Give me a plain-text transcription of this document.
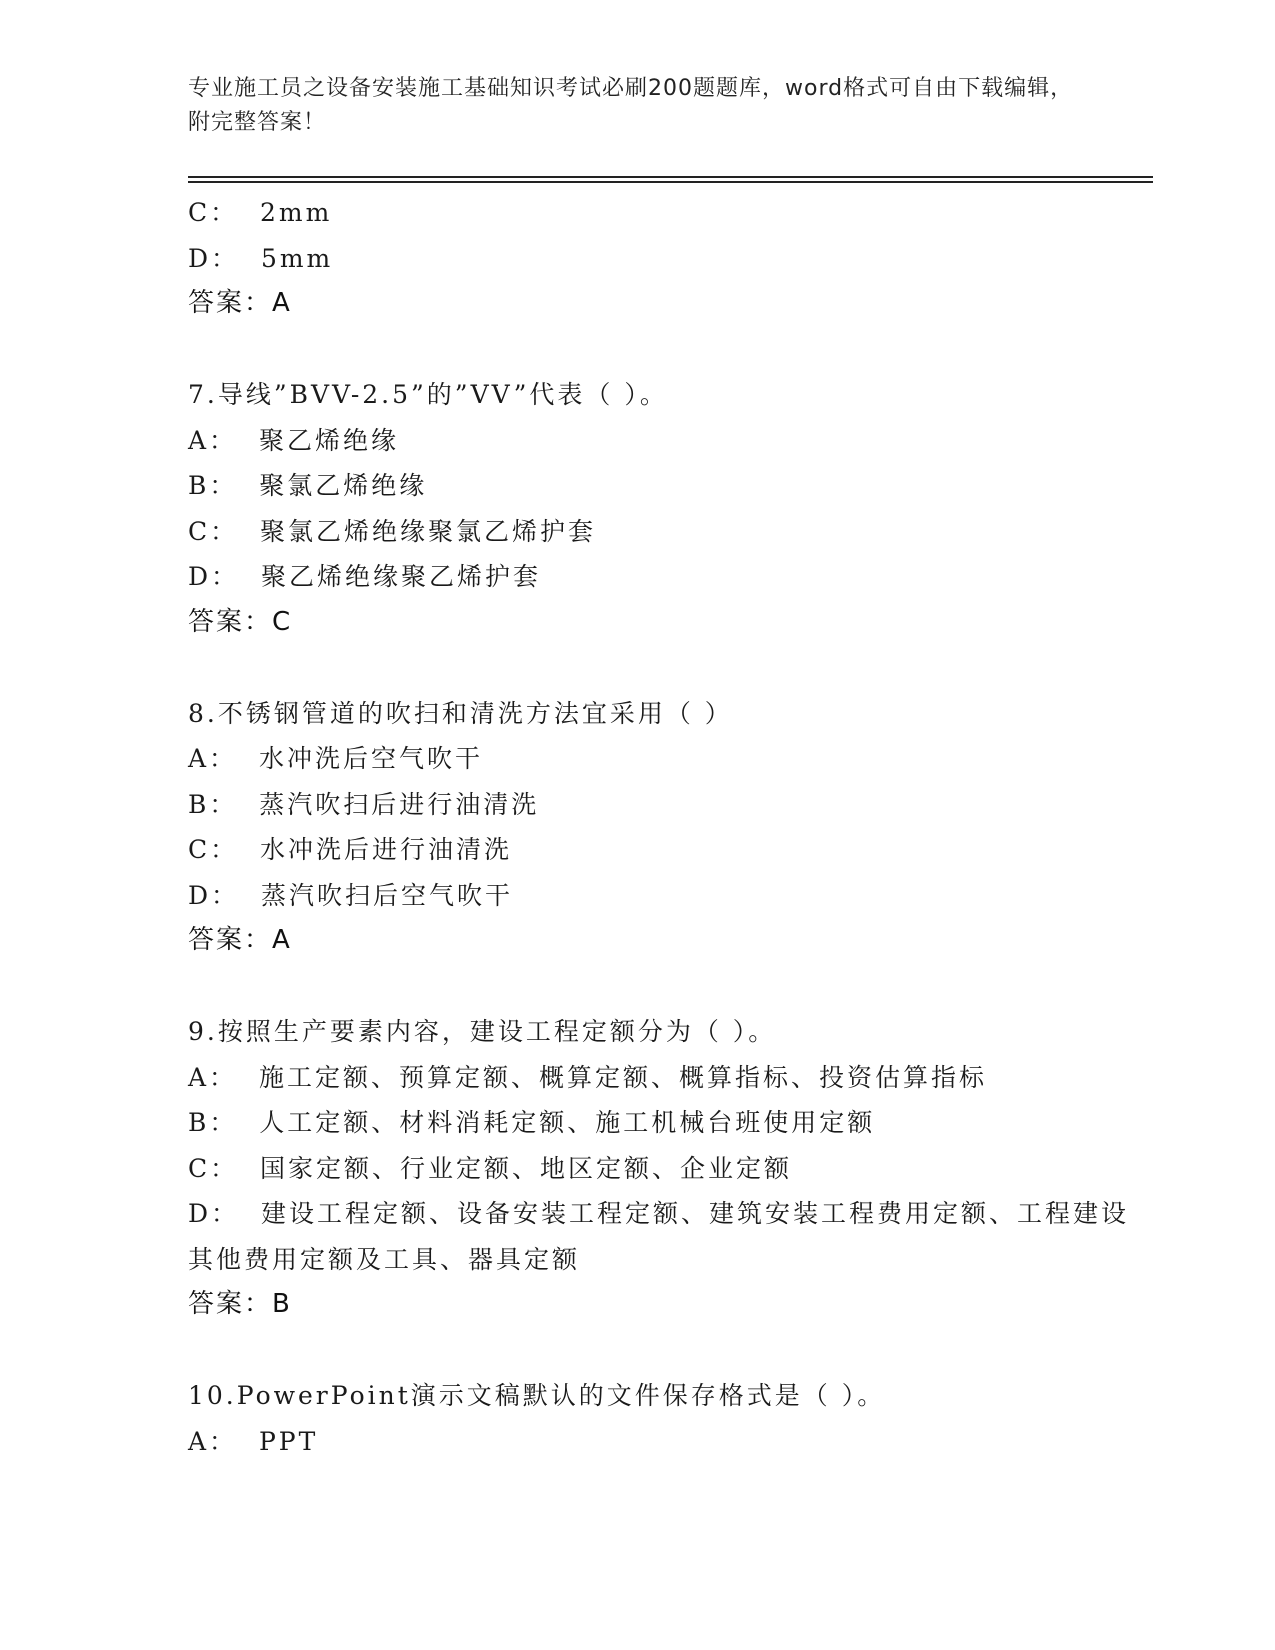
专业施工员之设备安装施工基础知识考试必刷200题题库，word格式可自由下载编辑，附完整答案！
C：  2mm
D：  5mm
答案：A
7.导线”BVV-2.5”的”VV”代表（ ）。
A：  聚乙烯绝缘
B：  聚氯乙烯绝缘
C：  聚氯乙烯绝缘聚氯乙烯护套
D：  聚乙烯绝缘聚乙烯护套
答案：C
8.不锈钢管道的吹扫和清洗方法宜采用（ ）
A：  水冲洗后空气吹干
B：  蒸汽吹扫后进行油清洗
C：  水冲洗后进行油清洗
D：  蒸汽吹扫后空气吹干
答案：A
9.按照生产要素内容，建设工程定额分为（ ）。
A：  施工定额、预算定额、概算定额、概算指标、投资估算指标
B：  人工定额、材料消耗定额、施工机械台班使用定额
C：  国家定额、行业定额、地区定额、企业定额
D：  建设工程定额、设备安装工程定额、建筑安装工程费用定额、工程建设其他费用定额及工具、器具定额
答案：B
10.PowerPoint演示文稿默认的文件保存格式是（ ）。
A：  PPT
